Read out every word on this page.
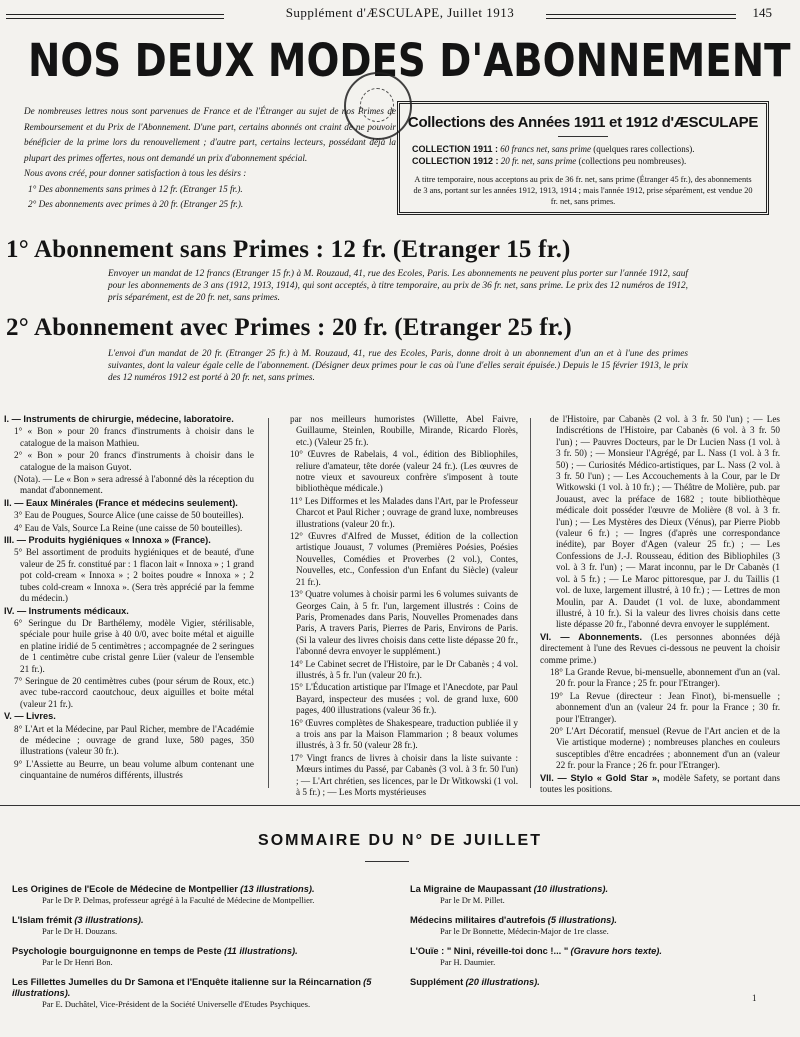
Supplément d'ÆSCULAPE, Juillet 1913	145
NOS DEUX MODES D'ABONNEMENT

De nombreuses lettres nous sont parvenues de France et de l'Étranger au sujet de nos Primes de Remboursement et du Prix de l'Abonnement. D'une part, certains abonnés ont craint de ne pouvoir bénéficier de la prime lors du renouvellement ; d'autre part, certains lecteurs, possédant déjà la plupart des primes offertes, nous ont demandé un prix d'abonnement spécial.

Nous avons créé, pour donner satisfaction à tous les désirs :

1° Des abonnements sans primes à 12 fr. (Etranger 15 fr.).

2° Des abonnements avec primes à 20 fr. (Etranger 25 fr.).

Collections des Années 1911 et 1912 d'ÆSCULAPE
COLLECTION 1911 : 60 francs net, sans prime (quelques rares collections).
COLLECTION 1912 : 20 fr. net, sans prime (collections peu nombreuses).
A titre temporaire, nous acceptons au prix de 36 fr. net, sans prime (Étranger 45 fr.), des abonnements de 3 ans, portant sur les années 1912, 1913, 1914 ; mais l'année 1912, prise séparément, est vendue 20 fr. net, sans primes.
1° Abonnement sans Primes : 12 fr. (Etranger 15 fr.)
Envoyer un mandat de 12 francs (Etranger 15 fr.) à M. Rouzaud, 41, rue des Ecoles, Paris. Les abonnements ne peuvent plus porter sur l'année 1912, sauf pour les abonnements de 3 ans (1912, 1913, 1914), qui sont acceptés, à titre temporaire, au prix de 36 fr. net, sans prime. Le prix des 12 numéros de 1912, pris séparément, est de 20 fr. net, sans primes.
2° Abonnement avec Primes : 20 fr. (Etranger 25 fr.)
L'envoi d'un mandat de 20 fr. (Etranger 25 fr.) à M. Rouzaud, 41, rue des Ecoles, Paris, donne droit à un abonnement d'un an et à l'une des primes suivantes, dont la valeur égale celle de l'abonnement. (Désigner deux primes pour le cas où l'une d'elles serait épuisée.) Depuis le 15 février 1913, le prix des 12 numéros 1912 est porté à 20 fr. net, sans primes.

I. — Instruments de chirurgie, médecine, laboratoire.

1° « Bon » pour 20 francs d'instruments à choisir dans le catalogue de la maison Mathieu.

2° « Bon » pour 20 francs d'instruments à choisir dans le catalogue de la maison Guyot.

(Nota). — Le « Bon » sera adressé à l'abonné dès la réception du mandat d'abonnement.

II. — Eaux Minérales (France et médecins seulement).

3° Eau de Pougues, Source Alice (une caisse de 50 bouteilles).

4° Eau de Vals, Source La Reine (une caisse de 50 bouteilles).

III. — Produits hygiéniques « Innoxa » (France).

5° Bel assortiment de produits hygiéniques et de beauté, d'une valeur de 25 fr. constitué par : 1 flacon lait « Innoxa » ; 1 grand pot cold-cream « Innoxa » ; 2 boites poudre « Innoxa » ; 2 tubes cold-cream « Innoxa ». (Sera très apprécié par la femme du médecin.)

IV. — Instruments médicaux.

6° Seringue du Dr Barthélemy, modèle Vigier, stérilisable, spéciale pour huile grise à 40 0/0, avec boite métal et aiguille en platine iridié de 5 centimètres ; accompagnée de 2 seringues de 1 centimètre cube cristal genre Lüer (valeur de l'ensemble 21 fr.).

7° Seringue de 20 centimètres cubes (pour sérum de Roux, etc.) avec tube-raccord caoutchouc, deux aiguilles et boite métal (valeur 21 fr.).

V. — Livres.

8° L'Art et la Médecine, par Paul Richer, membre de l'Académie de médecine ; ouvrage de grand luxe, 580 pages, 350 illustrations (valeur 30 fr.).

9° L'Assiette au Beurre, un beau volume album contenant une cinquantaine de numéros différents, illustrés

par nos meilleurs humoristes (Willette, Abel Faivre, Guillaume, Steinlen, Roubille, Mirande, Ricardo Florès, etc.) (Valeur 25 fr.).

10° Œuvres de Rabelais, 4 vol., édition des Bibliophiles, reliure d'amateur, tête dorée (valeur 24 fr.). (Les œuvres de notre vieux et savoureux confrère s'imposent à toute bibliothèque médicale.)

11° Les Difformes et les Malades dans l'Art, par le Professeur Charcot et Paul Richer ; ouvrage de grand luxe, nombreuses illustrations (valeur 20 fr.).

12° Œuvres d'Alfred de Musset, édition de la collection artistique Jouaust, 7 volumes (Premières Poésies, Poésies Nouvelles, Comédies et Proverbes (2 vol.), Contes, Nouvelles, etc., Confession d'un Enfant du Siècle) (valeur 21 fr.).

13° Quatre volumes à choisir parmi les 6 volumes suivants de Georges Cain, à 5 fr. l'un, largement illustrés : Coins de Paris, Promenades dans Paris, Nouvelles Promenades dans Paris, A travers Paris, Pierres de Paris, Environs de Paris. (Si la valeur des livres choisis dans cette liste dépasse 20 fr., l'abonné devra envoyer le supplément.)

14° Le Cabinet secret de l'Histoire, par le Dr Cabanès ; 4 vol. illustrés, à 5 fr. l'un (valeur 20 fr.).

15° L'Éducation artistique par l'Image et l'Anecdote, par Paul Bayard, inspecteur des musées ; vol. de grand luxe, 600 pages, 400 illustrations (valeur 36 fr.).

16° Œuvres complètes de Shakespeare, traduction publiée il y a trois ans par la Maison Flammarion ; 8 beaux volumes illustrés, à 3 fr. 50 (valeur 28 fr.).

17° Vingt francs de livres à choisir dans la liste suivante : Mœurs intimes du Passé, par Cabanès (3 vol. à 3 fr. 50 l'un) ; — L'Art chrétien, ses licences, par le Dr Witkowski (1 vol. à 5 fr.) ; — Les Morts mystérieuses

de l'Histoire, par Cabanès (2 vol. à 3 fr. 50 l'un) ; — Les Indiscrétions de l'Histoire, par Cabanès (6 vol. à 3 fr. 50 l'un) ; — Pauvres Docteurs, par le Dr Lucien Nass (1 vol. à 3 fr. 50) ; — Monsieur l'Agrégé, par L. Nass (1 vol. à 3 fr. 50) ; — Curiosités Médico-artistiques, par L. Nass (2 vol. à 3 fr. 50 l'un) ; — Les Accouchements à la Cour, par le Dr Witkowski (1 vol. à 10 fr.) ; — Théâtre de Molière, pub. par Jouaust, avec la préface de 1682 ; toute bibliothèque médicale doit posséder l'œuvre de Molière (8 vol. à 3 fr. l'un) ; — Les Mystères des Dieux (Vénus), par Pierre Piobb (valeur 6 fr.) ; — Ingres (d'après une correspondance inédite), par Boyer d'Agen (valeur 25 fr.) ; — Les Confessions de J.-J. Rousseau, édition des Bibliophiles (3 vol. à 3 fr. l'un) ; — Marat inconnu, par le Dr Cabanès (1 vol. à 5 fr.) ; — Le Maroc pittoresque, par J. du Taillis (1 vol. de luxe, largement illustré, à 10 fr.) ; — Lettres de mon Moulin, par A. Daudet (1 vol. de luxe, abondamment illustré, à 10 fr.). Si la valeur des livres choisis dans cette liste dépasse 20 fr., l'abonné devra envoyer le supplément.

VI. — Abonnements. (Les personnes abonnées déjà directement à l'une des Revues ci-dessous ne peuvent la choisir comme prime.)

18° La Grande Revue, bi-mensuelle, abonnement d'un an (val. 20 fr. pour la France ; 25 fr. pour l'Etranger).

19° La Revue (directeur : Jean Finot), bi-mensuelle ; abonnement d'un an (valeur 24 fr. pour la France ; 30 fr. pour l'Etranger).

20° L'Art Décoratif, mensuel (Revue de l'Art ancien et de la Vie artistique moderne) ; nombreuses planches en couleurs susceptibles d'être encadrées ; abonnement d'un an (valeur 22 fr. pour la France ; 26 fr. pour l'Etranger).

VII. — Stylo « Gold Star », modèle Safety, se portant dans toutes les positions.

SOMMAIRE DU N° DE JUILLET
Les Origines de l'Ecole de Médecine de Montpellier (13 illustrations).
Par le Dr P. Delmas, professeur agrégé à la Faculté de Médecine de Montpellier.
L'Islam frémit (3 illustrations).
Par le Dr H. Douzans.
Psychologie bourguignonne en temps de Peste (11 illustrations).
Par le Dr Henri Bon.
Les Fillettes Jumelles du Dr Samona et l'Enquête italienne sur la Réincarnation (5 illustrations).
Par E. Duchâtel, Vice-Président de la Société Universelle d'Etudes Psychiques.
La Migraine de Maupassant (10 illustrations).
Par le Dr M. Pillet.
Médecins militaires d'autrefois (5 illustrations).
Par le Dr Bonnette, Médecin-Major de 1re classe.
L'Ouïe : " Nini, réveille-toi donc !... " (Gravure hors texte).
Par H. Daumier.
Supplément (20 illustrations).
1
